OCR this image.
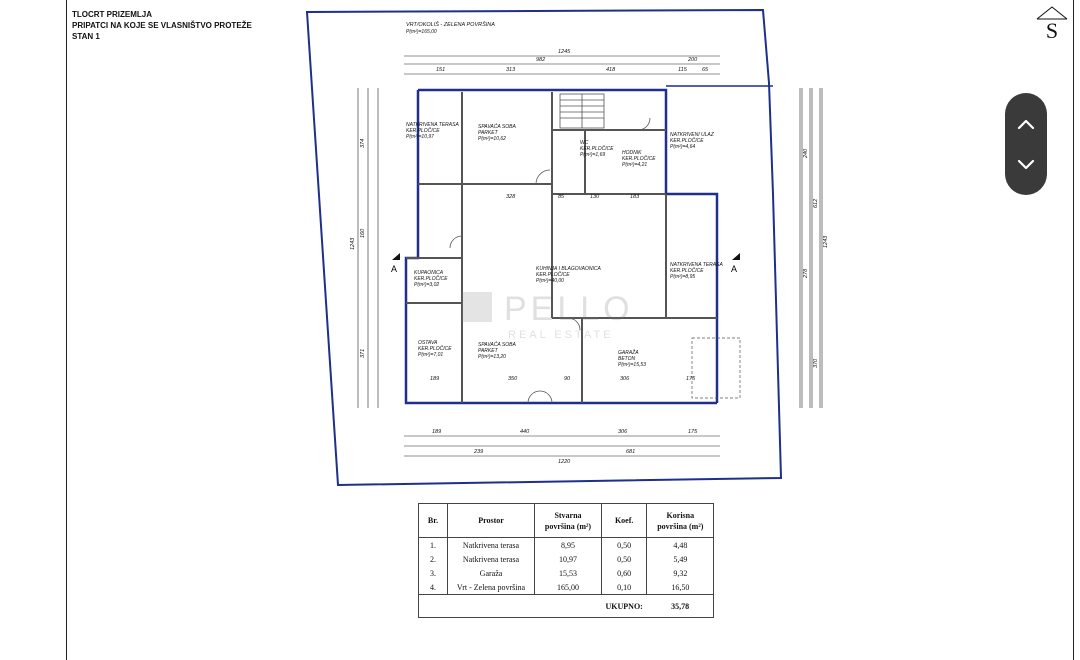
TLOCRT PRIZEMLJA
PRIPATCI NA KOJE SE VLASNIŠTVO PROTEŽE
STAN 1	S
A	A
1245
982	200
151	313	418	115	65
189	440	306	175
239	681
1220
1243
374
160
371
240
612
1243
370
278
328	85	130	183
350	90	306	175
189
VRT/OKOLIŠ - ZELENA POVRŠINA
P(m²)=165,00
NATKRIVENA TERASA
KER.PLOČICE
P(m²)=10,97
SPAVAĆA SOBA
PARKET
P(m²)=10,62
WC
KER.PLOČICE
P(m²)=1,69	HODNIK
KER.PLOČICE
P(m²)=4,21
NATKRIVENI ULAZ
KER.PLOČICE
P(m²)=4,64
KUPAONICA
KER.PLOČICE
P(m²)=3,02
KUHINJA I BLAGOVAONICA
KER.PLOČICE
P(m²)=40,00
NATKRIVENA TERASA
KER.PLOČICE
P(m²)=8,95
OSTAVA
KER.PLOČICE
P(m²)=7,01
SPAVAĆA SOBA
PARKET
P(m²)=13,20
GARAŽA
BETON
P(m²)=15,53
PELLO
REAL ESTATE
Br.	Prostor	Stvarna površina (m²)	Koef.	Korisna površina (m²)
1.	Natkrivena terasa	8,95	0,50	4,48
2.	Natkrivena terasa	10,97	0,50	5,49
3.	Garaža	15,53	0,60	9,32
4.	Vrt - Zelena površina	165,00	0,10	16,50
			UKUPNO:	35,78
